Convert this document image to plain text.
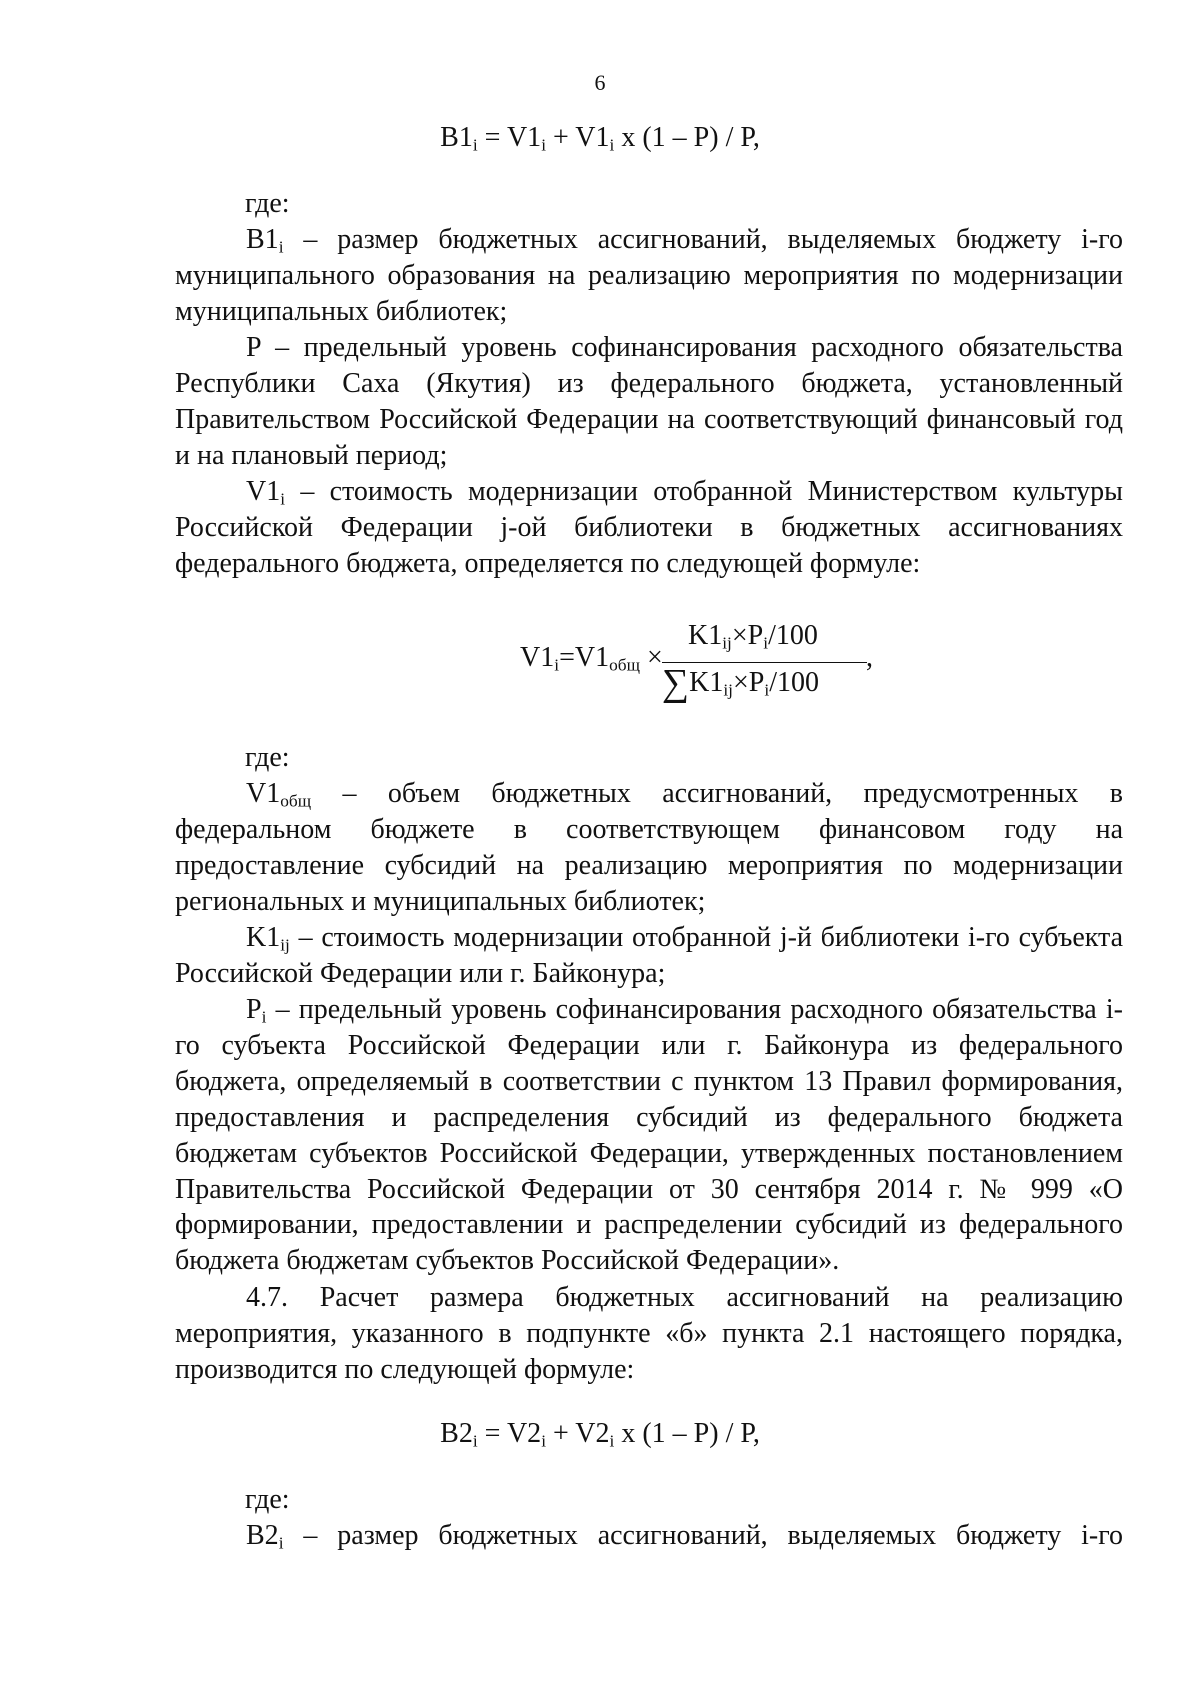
6
$B1_i = V1_i + V1_i$ x (1 – P) / P,
где:
$B1_i$ – размер бюджетных ассигнований, выделяемых бюджету i-го муниципального образования на реализацию мероприятия по модернизации муниципальных библиотек;
P – предельный уровень софинансирования расходного обязательства Республики Саха (Якутия) из федерального бюджета, установленный Правительством Российской Федерации на соответствующий финансовый год и на плановый период;
$V1_i$ – стоимость модернизации отобранной Министерством культуры Российской Федерации j-ой библиотеки в бюджетных ассигнованиях федерального бюджета, определяется по следующей формуле:
$V1_i=V1_{общ}$ ×
$K1_{ij}\times P_i/100$
$\sum K1_{ij}\times P_i/100$
,
где:
$V1_{общ}$ – объем бюджетных ассигнований, предусмотренных в федеральном бюджете в соответствующем финансовом году на
предоставление субсидий на реализацию мероприятия по модернизации региональных и муниципальных библиотек;
$K1_{ij}$ – стоимость модернизации отобранной j-й библиотеки i-го субъекта Российской Федерации или г. Байконура;
$P_i$ – предельный уровень софинансирования расходного обязательства i-го субъекта Российской Федерации или г. Байконура из федерального бюджета, определяемый в соответствии с пунктом 13 Правил формирования, предоставления и распределения субсидий из федерального бюджета бюджетам субъектов Российской Федерации, утвержденных постановлением Правительства Российской Федерации от 30 сентября 2014 г. № 999 «О формировании, предоставлении и распределении субсидий из федерального бюджета бюджетам субъектов Российской Федерации».
4.7. Расчет размера бюджетных ассигнований на реализацию мероприятия, указанного в подпункте «б» пункта 2.1 настоящего порядка, производится по следующей формуле:
$B2_i = V2_i + V2_i$ x (1 – P) / P,
где:
$B2_i$ – размер бюджетных ассигнований, выделяемых бюджету i-го
